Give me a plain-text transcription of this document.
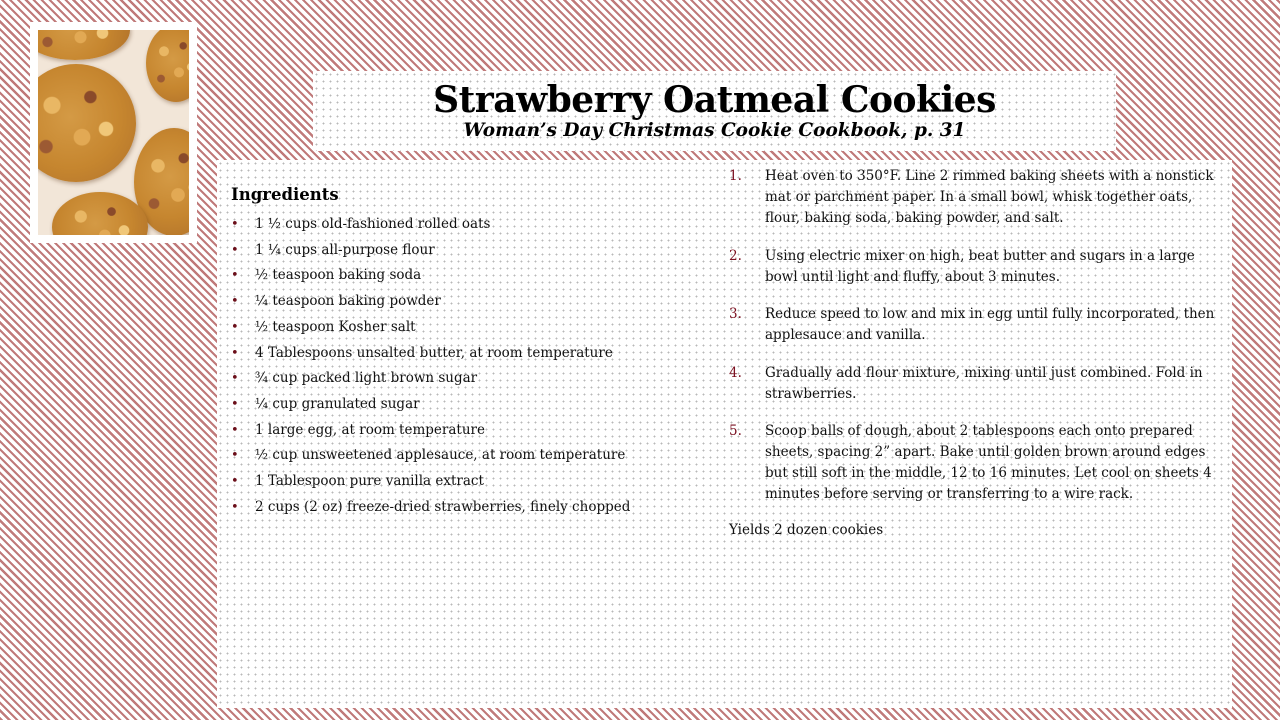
Strawberry Oatmeal Cookies
Woman’s Day Christmas Cookie Cookbook, p. 31
Ingredients
• 1 ½ cups old-fashioned rolled oats
• 1 ¼ cups all-purpose flour
• ½ teaspoon baking soda
• ¼ teaspoon baking powder
• ½ teaspoon Kosher salt
• 4 Tablespoons unsalted butter, at room temperature
• ¾ cup packed light brown sugar
• ¼ cup granulated sugar
• 1 large egg, at room temperature
• ½ cup unsweetened applesauce, at room temperature
• 1 Tablespoon pure vanilla extract
• 2 cups (2 oz) freeze-dried strawberries, finely chopped
1. Heat oven to 350°F. Line 2 rimmed baking sheets with a nonstick mat or parchment paper. In a small bowl, whisk together oats, flour, baking soda, baking powder, and salt.
2. Using electric mixer on high, beat butter and sugars in a large bowl until light and fluffy, about 3 minutes.
3. Reduce speed to low and mix in egg until fully incorporated, then applesauce and vanilla.
4. Gradually add flour mixture, mixing until just combined. Fold in strawberries.
5. Scoop balls of dough, about 2 tablespoons each onto prepared sheets, spacing 2” apart. Bake until golden brown around edges but still soft in the middle, 12 to 16 minutes. Let cool on sheets 4 minutes before serving or transferring to a wire rack.
Yields 2 dozen cookies
